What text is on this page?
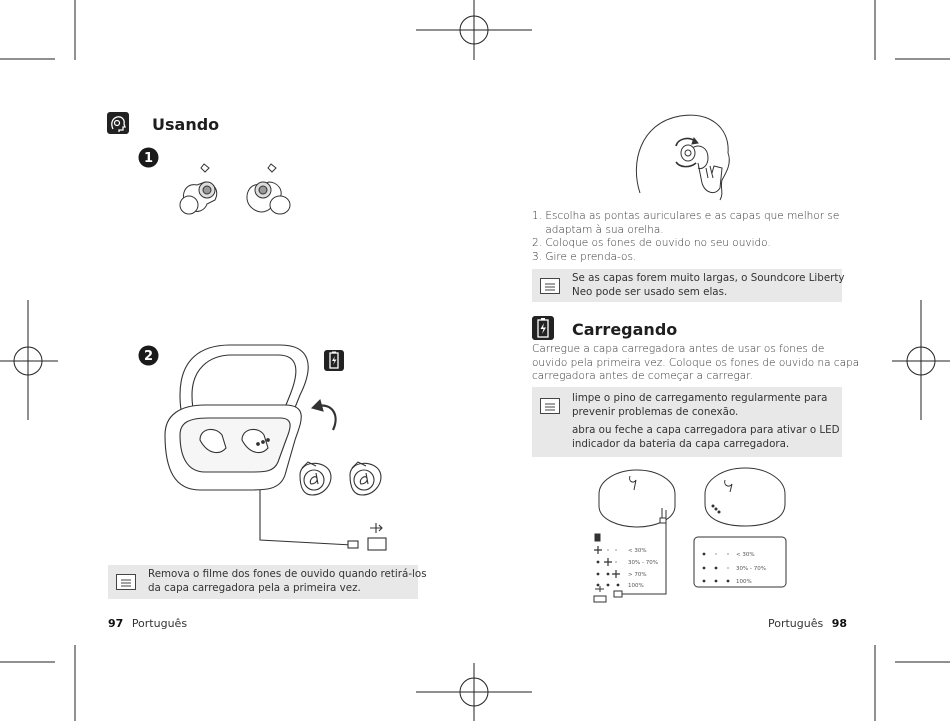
Usando
1
2
Remova o filme dos fones de ouvido quando retirá-los
da capa carregadora pela a primeira vez.
97 Português
1. Escolha as pontas auriculares e as capas que melhor se
adaptam à sua orelha.
2. Coloque os fones de ouvido no seu ouvido.
3. Gire e prenda-os.
Se as capas forem muito largas, o Soundcore Liberty
Neo pode ser usado sem elas.
Carregando
Carregue a capa carregadora antes de usar os fones de
ouvido pela primeira vez. Coloque os fones de ouvido na capa
carregadora antes de começar a carregar.
limpe o pino de carregamento regularmente para
prevenir problemas de conexão.
abra ou feche a capa carregadora para ativar o LED
indicador da bateria da capa carregadora.
< 30%
30% - 70%
> 70%
100%
< 30%
30% - 70%
100%
Português 98
